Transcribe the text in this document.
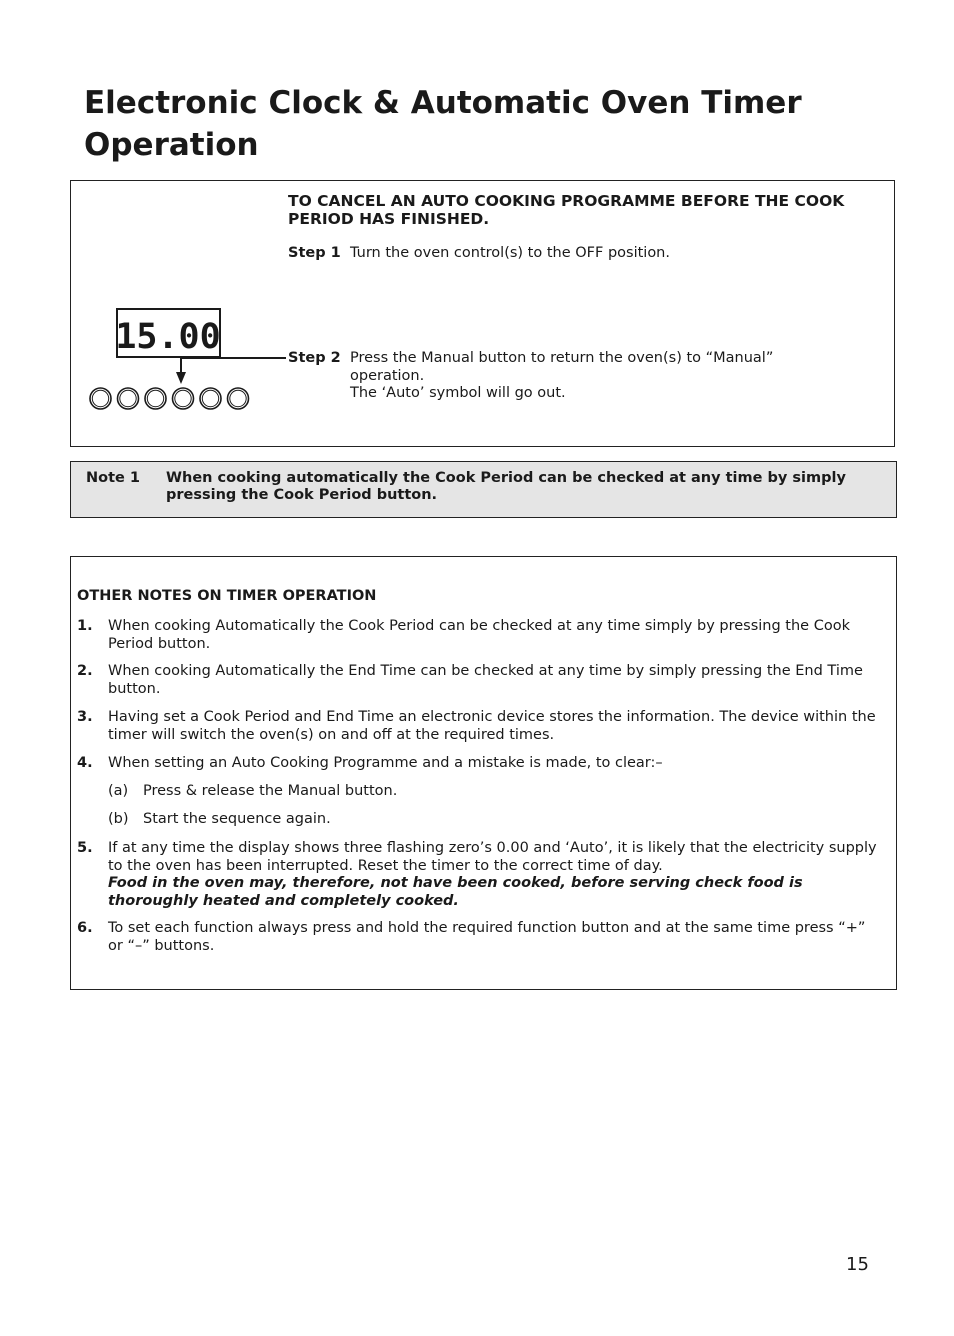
Electronic Clock & Automatic Oven Timer Operation
15.00

TO CANCEL AN AUTO COOKING PROGRAMME BEFORE THE COOK PERIOD HAS FINISHED.

Step 1 Turn the oven control(s) to the OFF position.
Step 2 Press the Manual button to return the oven(s) to “Manual” operation.
The ‘Auto’ symbol will go out.
Note 1 When cooking automatically the Cook Period can be checked at any time by simply pressing the Cook Period button.

OTHER NOTES ON TIMER OPERATION

1. When cooking Automatically the Cook Period can be checked at any time simply by pressing the Cook Period button.
2. When cooking Automatically the End Time can be checked at any time by simply pressing the End Time button.
3. Having set a Cook Period and End Time an electronic device stores the information. The device within the timer will switch the oven(s) on and off at the required times.
4. When setting an Auto Cooking Programme and a mistake is made, to clear:–
(a) Press & release the Manual button.
(b) Start the sequence again.
5. If at any time the display shows three flashing zero’s 0.00 and ‘Auto’, it is likely that the electricity supply to the oven has been interrupted. Reset the timer to the correct time of day.
Food in the oven may, therefore, not have been cooked, before serving check food is thoroughly heated and completely cooked.
6. To set each function always press and hold the required function button and at the same time press “+” or “–” buttons.
15
